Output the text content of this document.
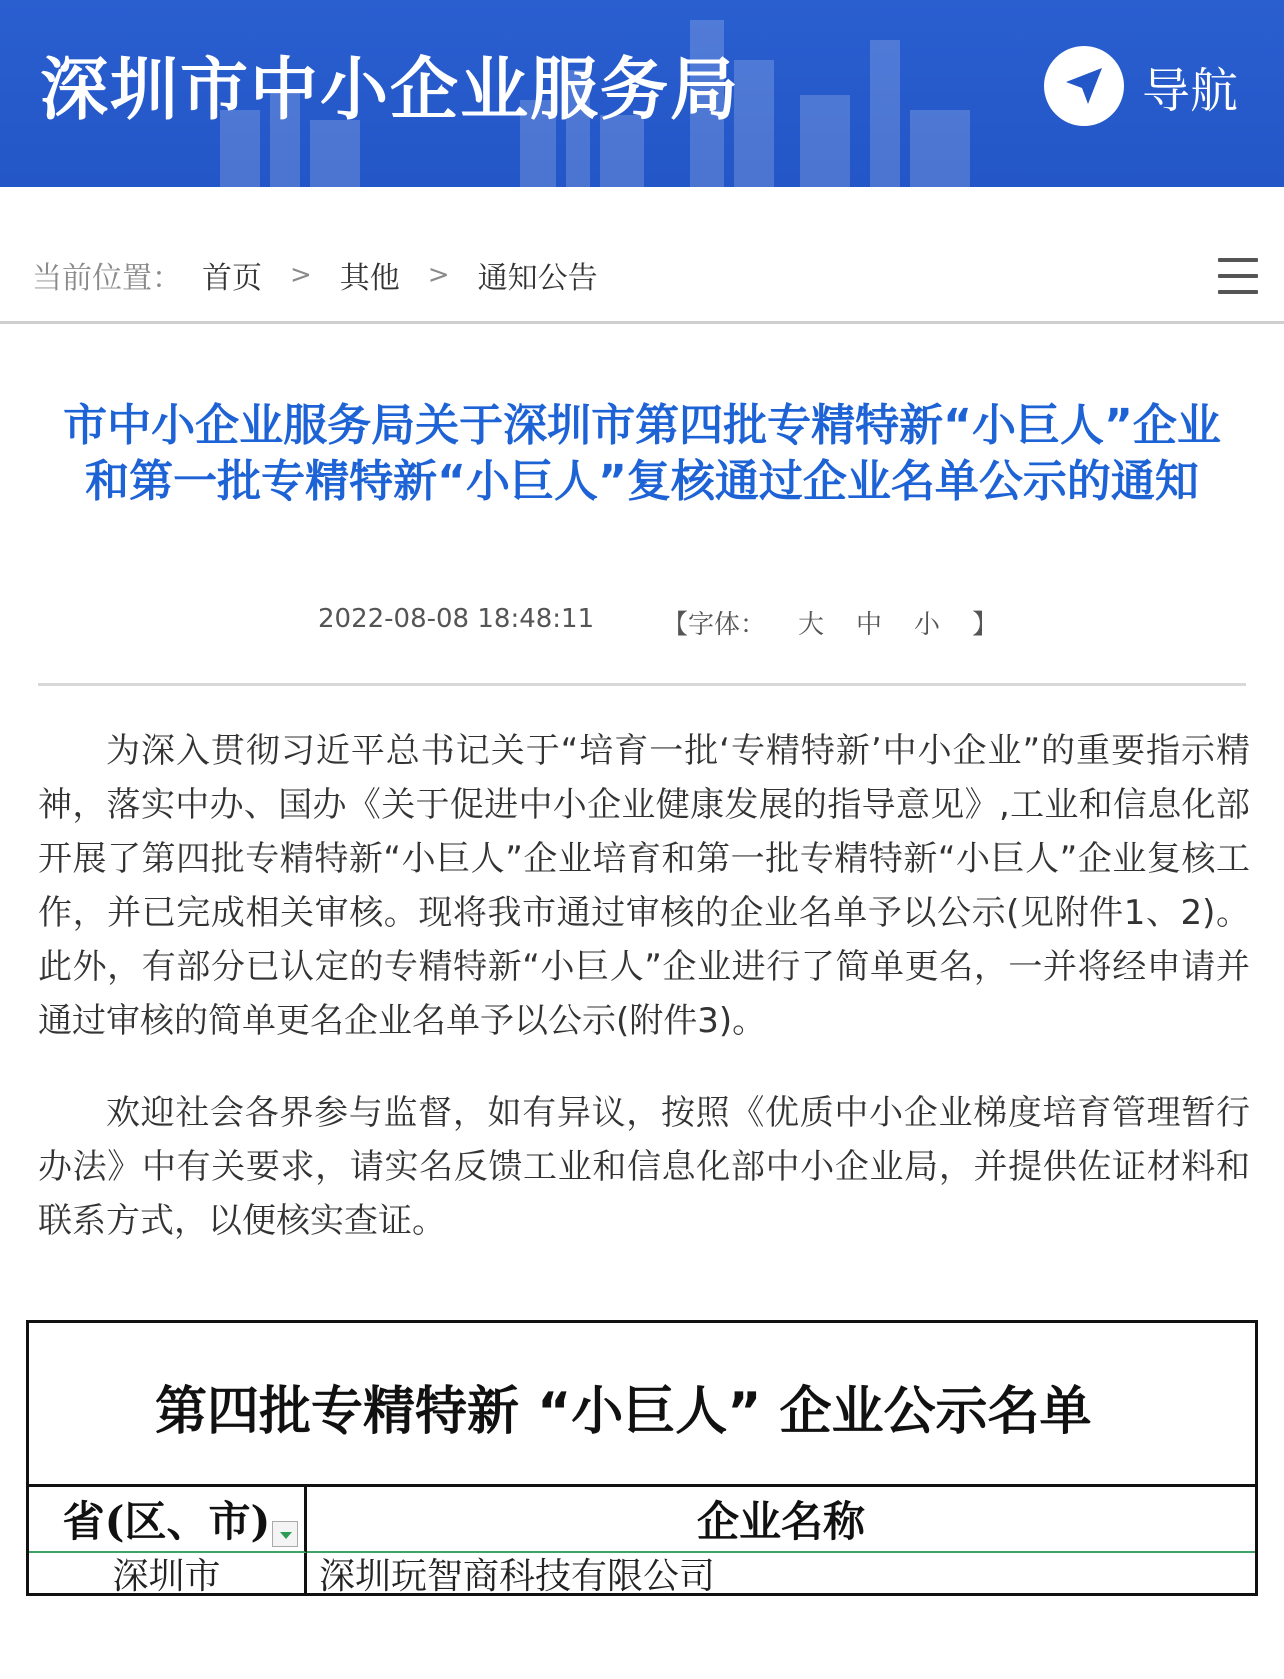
深圳市中小企业服务局	导航
当前位置： 首页 > 其他 > 通知公告
市中小企业服务局关于深圳市第四批专精特新“小巨人”企业和第一批专精特新“小巨人”复核通过企业名单公示的通知
2022-08-08 18:48:11	【字体： 大 中 小 】

为深入贯彻习近平总书记关于“培育一批‘专精特新’中小企业”的重要指示精神，落实中办、国办《关于促进中小企业健康发展的指导意见》,工业和信息化部开展了第四批专精特新“小巨人”企业培育和第一批专精特新“小巨人”企业复核工作，并已完成相关审核。现将我市通过审核的企业名单予以公示(见附件1、2)。此外，有部分已认定的专精特新“小巨人”企业进行了简单更名，一并将经申请并通过审核的简单更名企业名单予以公示(附件3)。

欢迎社会各界参与监督，如有异议，按照《优质中小企业梯度培育管理暂行办法》中有关要求，请实名反馈工业和信息化部中小企业局，并提供佐证材料和联系方式，以便核实查证。

第四批专精特新 “小巨人” 企业公示名单
省(区、市)	企业名称
深圳市	深圳玩智商科技有限公司
